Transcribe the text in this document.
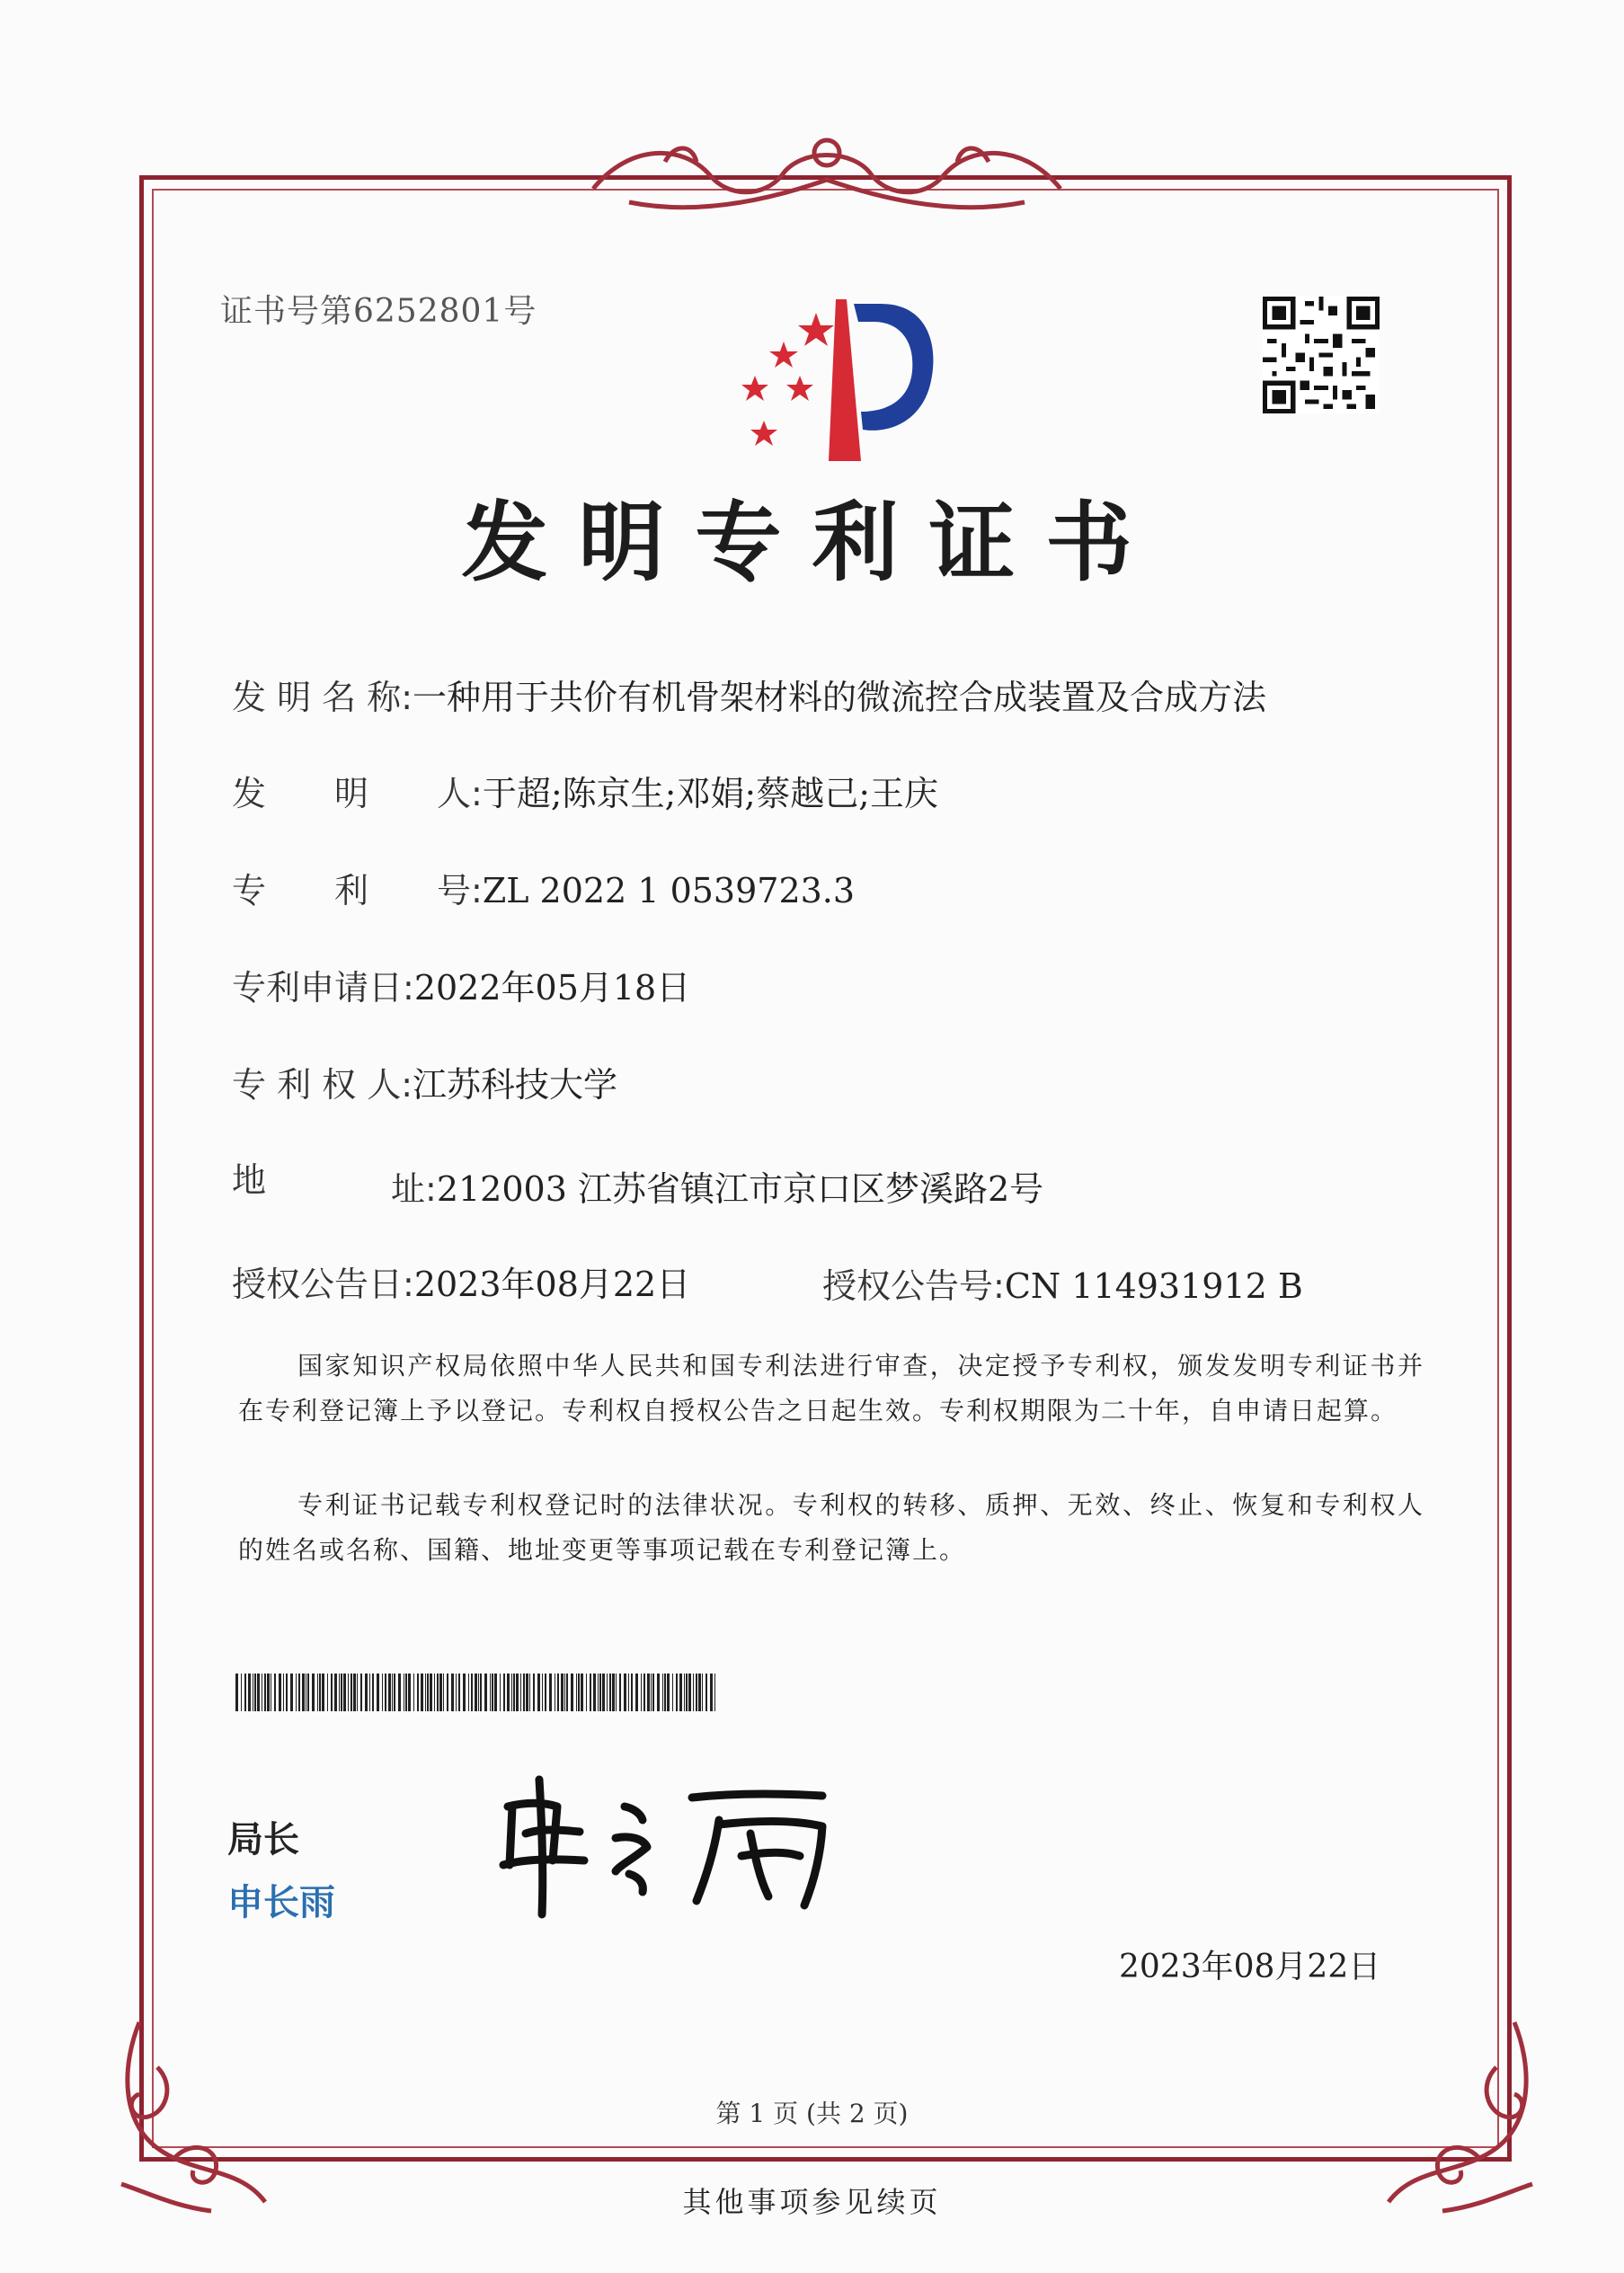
证书号第6252801号
发明专利证书
发 明 名 称:一种用于共价有机骨架材料的微流控合成装置及合成方法
发　　明　　人:于超;陈京生;邓娟;蔡越己;王庆
专　　利　　号:ZL 2022 1 0539723.3
专利申请日:2022年05月18日
专 利 权 人:江苏科技大学
地	址:212003 江苏省镇江市京口区梦溪路2号
授权公告日:2023年08月22日	授权公告号:CN 114931912 B
国家知识产权局依照中华人民共和国专利法进行审查，决定授予专利权，颁发发明专利证书并在专利登记簿上予以登记。专利权自授权公告之日起生效。专利权期限为二十年，自申请日起算。
专利证书记载专利权登记时的法律状况。专利权的转移、质押、无效、终止、恢复和专利权人的姓名或名称、国籍、地址变更等事项记载在专利登记簿上。
局长
申长雨
2023年08月22日
第 1 页 (共 2 页)
其他事项参见续页
